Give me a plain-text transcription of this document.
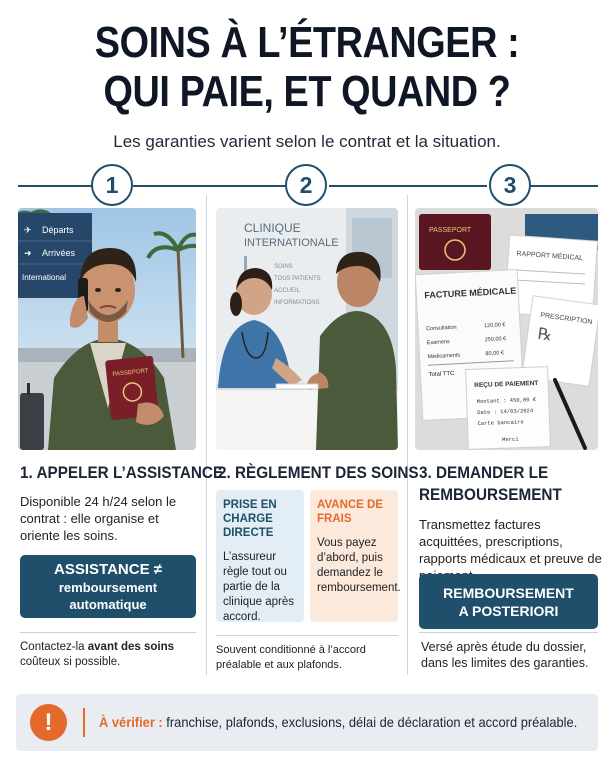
SOINS À L’ÉTRANGER :
QUI PAIE, ET QUAND ?
Les garanties varient selon le contrat et la situation.
1	2	3
✈ Départs
➜ Arrivées
International
PASSEPORT
1. APPELER L’ASSISTANCE
Disponible 24 h/24 selon le contrat : elle organise et oriente les soins.
ASSISTANCE ≠
remboursement automatique
Contactez-la avant des soins coûteux si possible.
CLINIQUE
INTERNATIONALE
SOINS
TOUS PATIENTS
ACCUEIL
INFORMATIONS
2. RÈGLEMENT DES SOINS
PRISE EN CHARGE DIRECTE
L’assureur règle tout ou partie de la clinique après accord.
AVANCE DE FRAIS
Vous payez d’abord, puis demandez le remboursement.
Souvent conditionné à l’accord préalable et aux plafonds.
PASSEPORT
RAPPORT MÉDICAL
PRESCRIPTION
℞
FACTURE MÉDICALE
Consultation	120,00 €
Examens	250,00 €
Médicaments	80,00 €
Total TTC
REÇU DE PAIEMENT
Montant : 450,00 €
Date : 14/03/2024
Carte bancaire
Merci
3. DEMANDER LE
REMBOURSEMENT
Transmettez factures acquittées, prescriptions, rapports médicaux et preuve de
REMBOURSEMENT
A POSTERIORI
Versé après étude du dossier, dans les limites des garanties.
!	À vérifier : franchise, plafonds, exclusions, délai de déclaration et accord préalable.
